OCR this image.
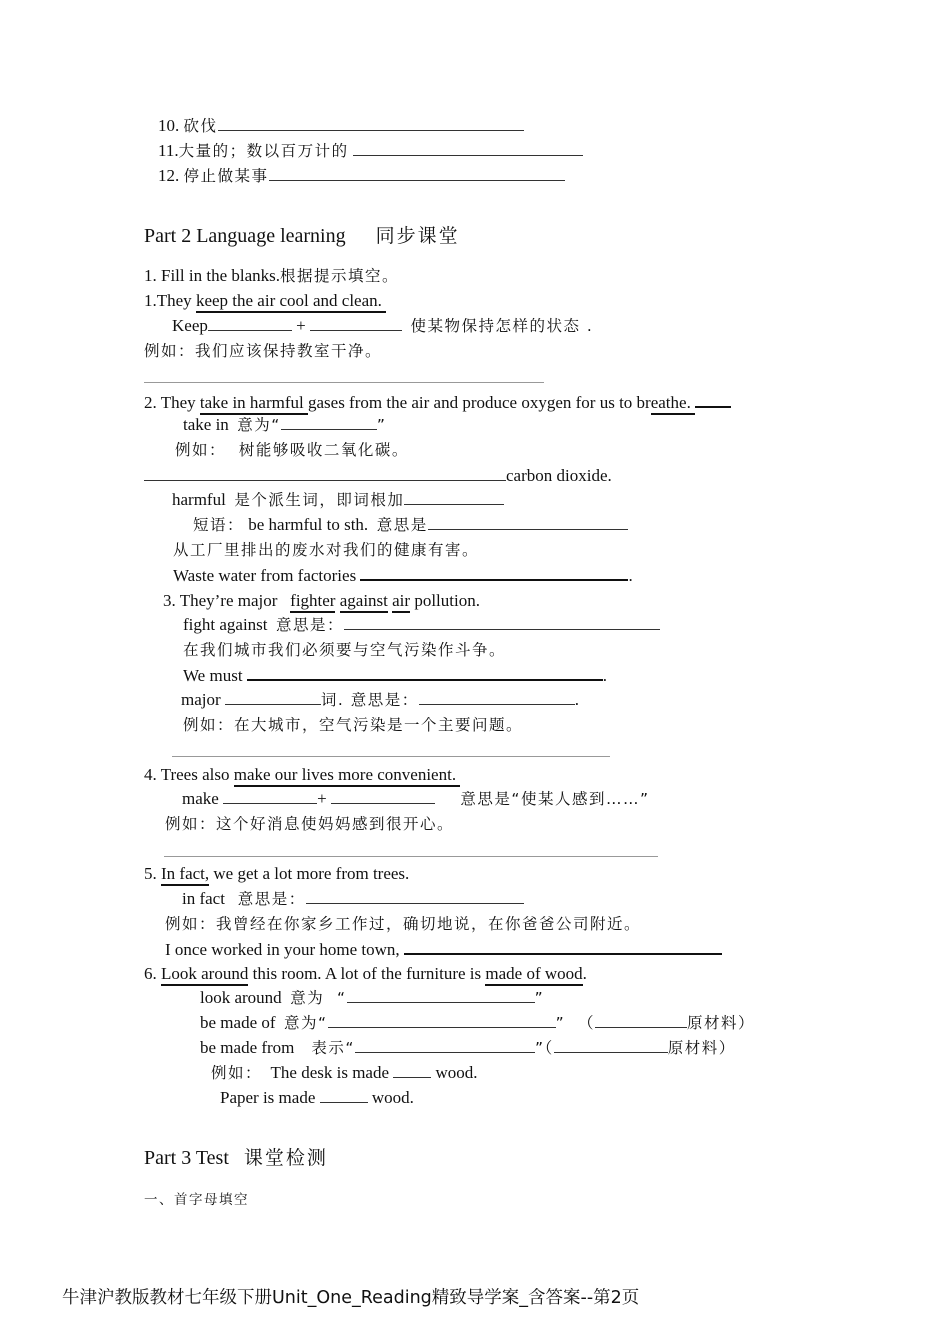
10. 砍伐
11.大量的；数以百万计的
12. 停止做某事
Part 2 Language learning 同步课堂
1. Fill in the blanks.根据提示填空。
1.They keep the air cool and clean.
Keep	+	使某物保持怎样的状态 .
例如：我们应该保持教室干净。
2. They take in harmful gases from the air and produce oxygen for us to breathe.
take in 意为“	”
例如：  树能够吸收二氧化碳。
carbon dioxide.
harmful 是个派生词，即词根加
短语： be harmful to sth. 意思是
从工厂里排出的废水对我们的健康有害。
Waste water from factories	.
3. They’re major   fighter against air pollution.
fight against 意思是：
在我们城市我们必须要与空气污染作斗争。
We must	.
major	词. 意思是：	.
例如：在大城市，空气污染是一个主要问题。
4. Trees also make our lives more convenient.
make	+	意思是“使某人感到……”
例如：这个好消息使妈妈感到很开心。
5. In fact, we get a lot more from trees.
in fact 意思是：
例如：我曾经在你家乡工作过，确切地说，在你爸爸公司附近。
I once worked in your home town,
6. Look around this room. A lot of the furniture is made of wood.
look around 意为  “	”
be made of 意为“	”  （	原材料）
be made from 表示“	”（	原材料）
例如： The desk is made  wood.
Paper is made	wood.
Part 3 Test 课堂检测
一、首字母填空
牛津沪教版教材七年级下册Unit_One_Reading精致导学案_含答案--第2页
